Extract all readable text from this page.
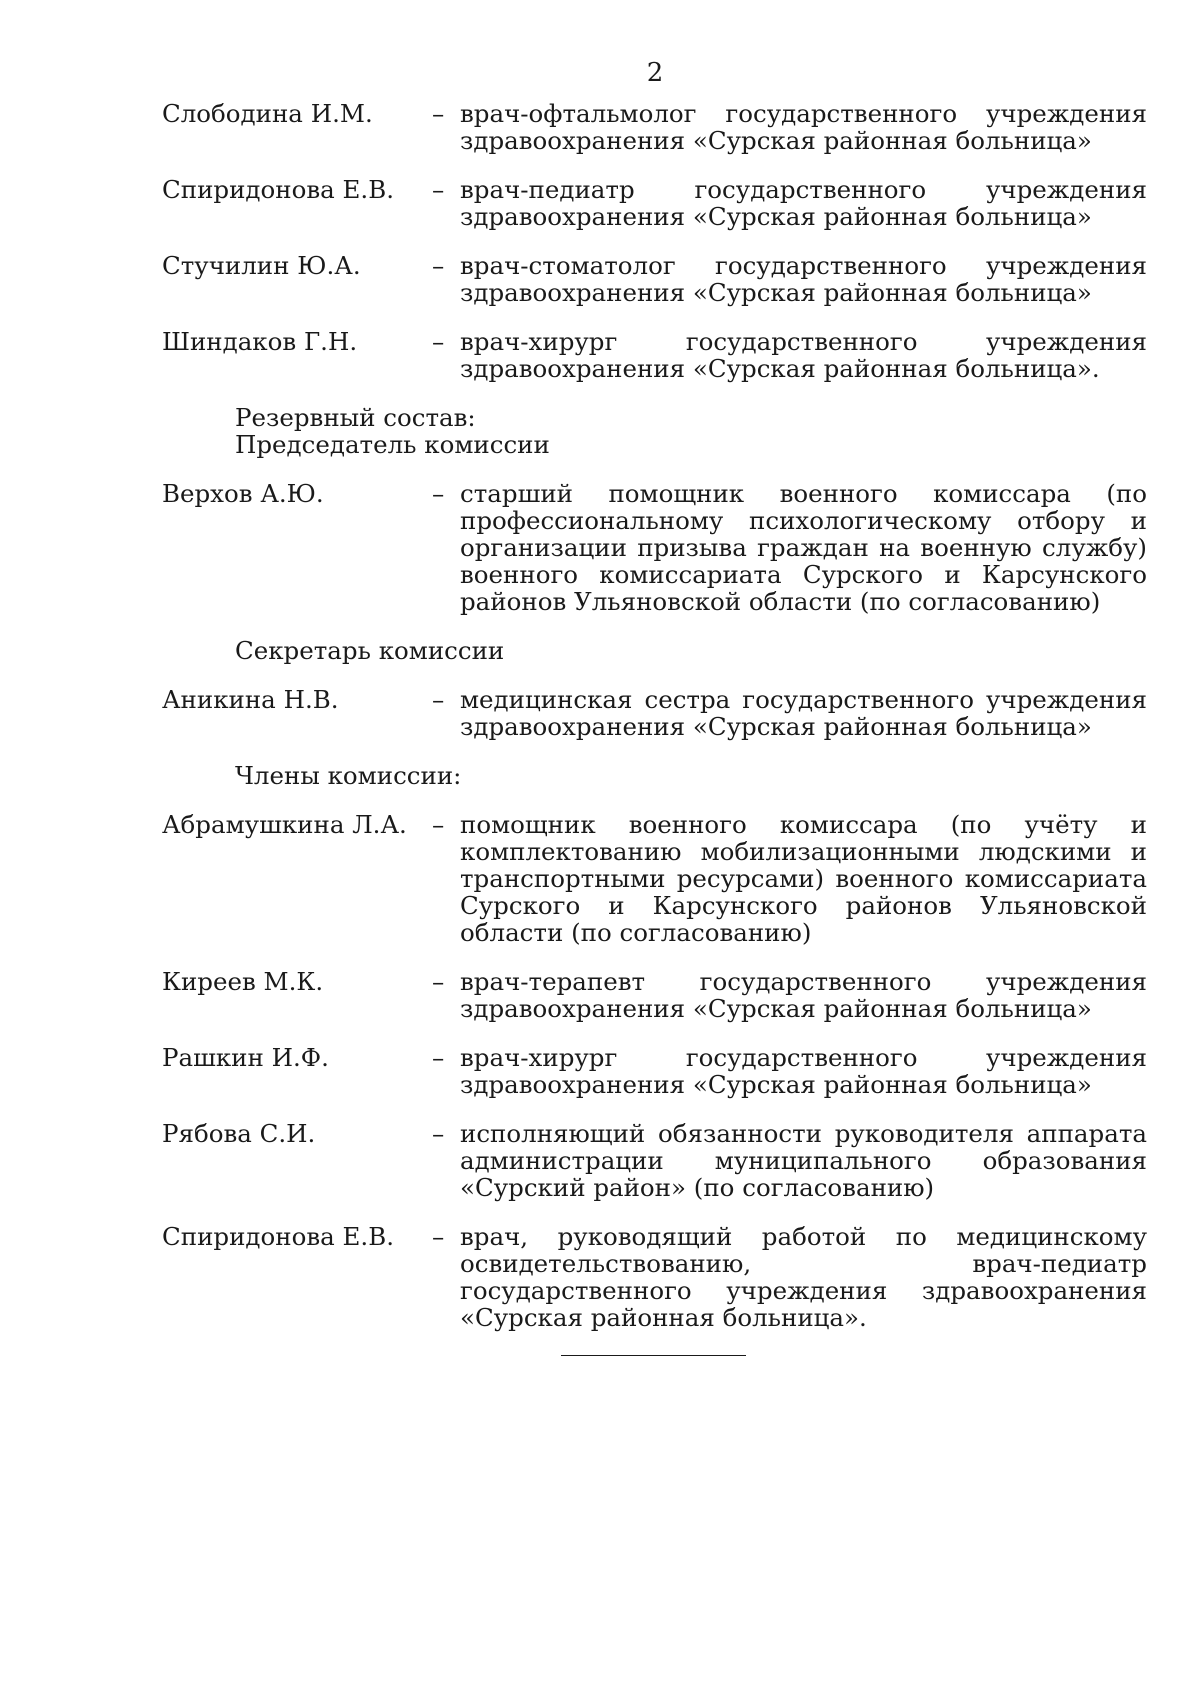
2
Слободина И.М.	– врач-офтальмолог государственного учреждения здравоохранения «Сурская районная больница»
Спиридонова Е.В.	– врач-педиатр государственного учреждения здравоохранения «Сурская районная больница»
Стучилин Ю.А.	– врач-стоматолог государственного учреждения здравоохранения «Сурская районная больница»
Шиндаков Г.Н.	– врач-хирург государственного учреждения здравоохранения «Сурская районная больница».
Резервный состав:
Председатель комиссии
Верхов А.Ю.	– старший помощник военного комиссара (по профессиональному психологическому отбору и организации призыва граждан на военную службу) военного комиссариата Сурского и Карсунского районов Ульяновской области (по согласованию)
Секретарь комиссии
Аникина Н.В.	– медицинская сестра государственного учреждения здравоохранения «Сурская районная больница»
Члены комиссии:
Абрамушкина Л.А.	– помощник военного комиссара (по учёту и комплектованию мобилизационными людскими и транспортными ресурсами) военного комиссариата Сурского и Карсунского районов Ульяновской области (по согласованию)
Киреев М.К.	– врач-терапевт государственного учреждения здравоохранения «Сурская районная больница»
Рашкин И.Ф.	– врач-хирург государственного учреждения здравоохранения «Сурская районная больница»
Рябова С.И.	– исполняющий обязанности руководителя аппарата администрации муниципального образования «Сурский район» (по согласованию)
Спиридонова Е.В.	– врач, руководящий работой по медицинскому освидетельствованию, врач-педиатр государственного учреждения здравоохранения «Сурская районная больница».
